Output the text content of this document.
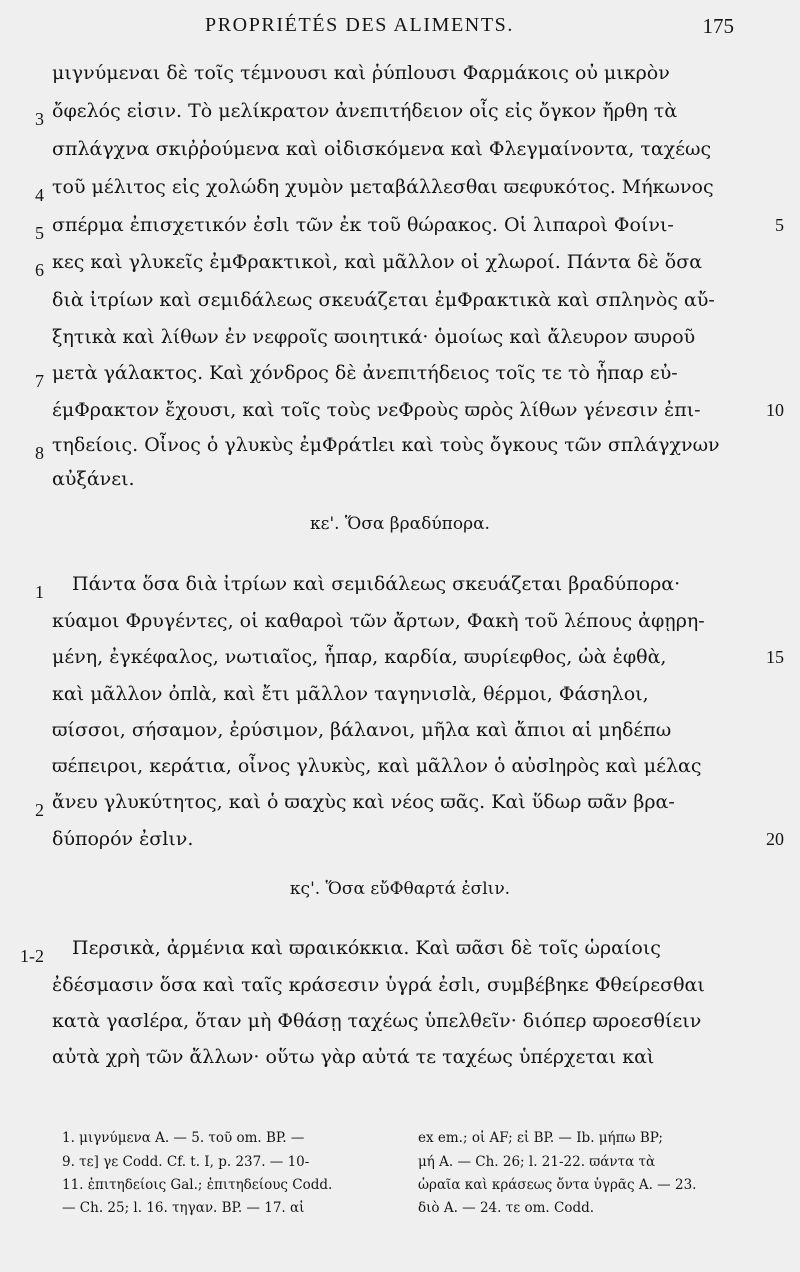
PROPRIÉTÉS DES ALIMENTS.	175
μιγνύμεναι δὲ τοῖς τέμνουσι καὶ ῥύπlουσι Φαρμάκοις οὐ μικρὸν
ὄφελός εἰσιν. Τὸ μελίκρατον ἀνεπιτήδειον οἷς εἰς ὄγκον ἤρθη τὰ
σπλάγχνα σκιῤῥούμενα καὶ οἰδισκόμενα καὶ Φλεγμαίνοντα, ταχέως
τοῦ μέλιτος εἰς χολώδη χυμὸν μεταβάλλεσθαι ϖεφυκότος. Μήκωνος
σπέρμα ἐπισχετικόν ἐσlι τῶν ἐκ τοῦ θώρακος. Οἱ λιπαροὶ Φοίνι-
κες καὶ γλυκεῖς ἐμΦρακτικοὶ, καὶ μᾶλλον οἱ χλωροί. Πάντα δὲ ὅσα
διὰ ἰτρίων καὶ σεμιδάλεως σκευάζεται ἐμΦρακτικὰ καὶ σπληνὸς αὔ-
ξητικὰ καὶ λίθων ἐν νεφροῖς ϖοιητικά· ὁμοίως καὶ ἄλευρον ϖυροῦ
μετὰ γάλακτος. Καὶ χόνδρος δὲ ἀνεπιτήδειος τοῖς τε τὸ ἧπαρ εὐ-
έμΦρακτον ἔχουσι, καὶ τοῖς τοὺς νεΦροὺς ϖρὸς λίθων γένεσιν ἐπι-
τηδείοις. Οἶνος ὁ γλυκὺς ἐμΦράτlει καὶ τοὺς ὄγκους τῶν σπλάγχνων
αὐξάνει.
κε'. Ὅσα βραδύπορα.
Πάντα ὅσα διὰ ἰτρίων καὶ σεμιδάλεως σκευάζεται βραδύπορα·
κύαμοι Φρυγέντες, οἱ καθαροὶ τῶν ἄρτων, Φακὴ τοῦ λέπους ἀφῃρη-
μένη, ἐγκέφαλος, νωτιαῖος, ἧπαρ, καρδία, ϖυρίεφθος, ὠὰ ἑφθὰ,
καὶ μᾶλλον ὀπlὰ, καὶ ἔτι μᾶλλον ταγηνισlὰ, θέρμοι, Φάσηλοι,
ϖίσσοι, σήσαμον, ἐρύσιμον, βάλανοι, μῆλα καὶ ἄπιοι αἱ μηδέπω
ϖέπειροι, κεράτια, οἶνος γλυκὺς, καὶ μᾶλλον ὁ αὐσlηρὸς καὶ μέλας
ἄνευ γλυκύτητος, καὶ ὁ ϖαχὺς καὶ νέος ϖᾶς. Καὶ ὕδωρ ϖᾶν βρα-
δύπορόν ἐσlιν.
κς'. Ὅσα εὔΦθαρτά ἐσlιν.
Περσικὰ, ἀρμένια καὶ ϖραικόκκια. Καὶ ϖᾶσι δὲ τοῖς ὡραίοις
ἐδέσμασιν ὅσα καὶ ταῖς κράσεσιν ὑγρά ἐσlι, συμβέβηκε Φθείρεσθαι
κατὰ γασlέρα, ὅταν μὴ Φθάσῃ ταχέως ὑπελθεῖν· διόπερ ϖροεσθίειν
αὐτὰ χρὴ τῶν ἄλλων· οὕτω γὰρ αὐτά τε ταχέως ὑπέρχεται καὶ
3
4
5
6
7
8
1
2
1-2
5
10
15
20
1. μιγνύμενα A. — 5. τοῦ om. BP. —
9. τε] γε Codd. Cf. t. I, p. 237. — 10-
11. ἐπιτηδείοις Gal.; ἐπιτηδείους Codd.
— Ch. 25; l. 16. τηγαν. BP. — 17. αἱ
ex em.; οἱ AF; εἰ BP. — Ib. μήπω BP;
μή A. — Ch. 26; l. 21-22. ϖάντα τὰ
ὡραῖα καὶ κράσεως ὄντα ὑγρᾶς A. — 23.
διὸ A. — 24. τε om. Codd.
